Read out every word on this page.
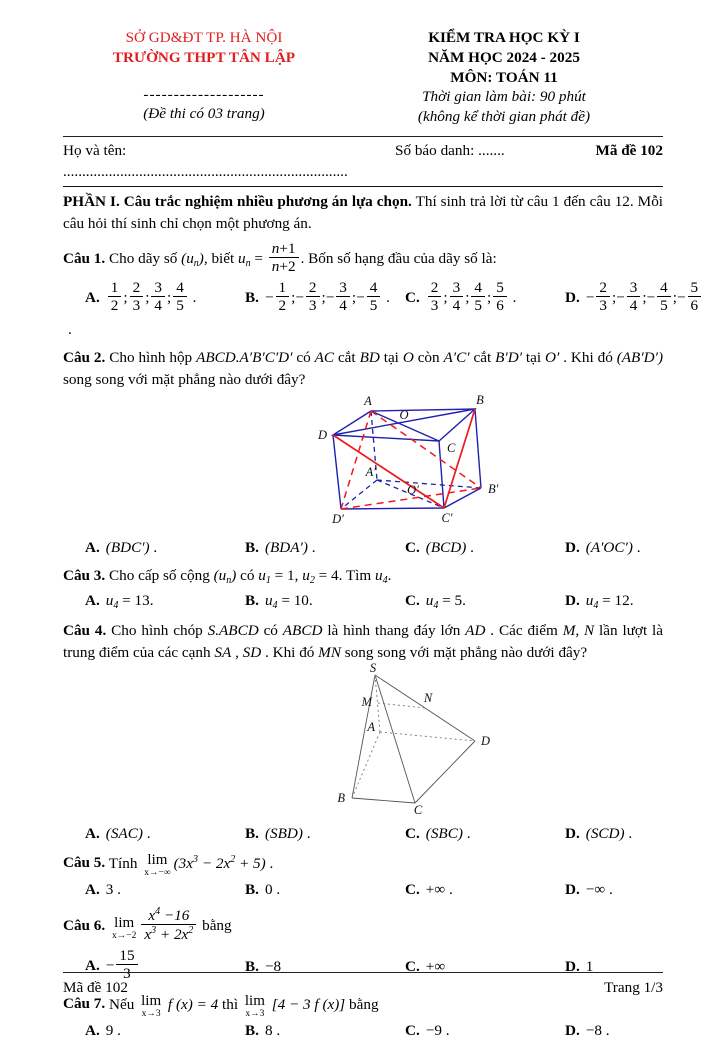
SỞ GD&ĐT TP. HÀ NỘI
TRƯỜNG THPT TÂN LẬP
--------------------
(Đề thi có 03 trang)
KIỂM TRA HỌC KỲ I
NĂM HỌC 2024 - 2025
MÔN: TOÁN 11
Thời gian làm bài: 90 phút
(không kể thời gian phát đề)
Họ và tên: ...........................................................................
Số báo danh: .......	Mã đề 102

PHẦN I. Câu trắc nghiệm nhiều phương án lựa chọn. Thí sinh trả lời từ câu 1 đến câu 12. Mỗi câu hỏi thí sinh chỉ chọn một phương án.

Câu 1. Cho dãy số (un), biết un = $\frac{n+1}{n+2}$ . Bốn số hạng đầu của dãy số là:

A. $\frac{1}{2}$ ; $\frac{2}{3}$ ; $\frac{3}{4}$ ; $\frac{4}{5}$ .	B. − $\frac{1}{2}$ ;− $\frac{2}{3}$ ;− $\frac{3}{4}$ ;− $\frac{4}{5}$ . C. $\frac{2}{3}$ ; $\frac{3}{4}$ ; $\frac{4}{5}$ ; $\frac{5}{6}$ .	D. − $\frac{2}{3}$ ;− $\frac{3}{4}$ ;− $\frac{4}{5}$ ;− $\frac{5}{6}$

.

Câu 2. Cho hình hộp ABCD.A′B′C′D′ có AC cắt BD tại O còn A′C′ cắt B′D′ tại O′ . Khi đó (AB′D′) song song với mặt phẳng nào dưới đây?

A	B
O
C
D
A′
O′	B′
C′
D′
A. (BDC′) .	B. (BDA′) .	C. (BCD) .	D. (A′OC′) .

Câu 3. Cho cấp số cộng (un) có u1 = 1, u2 = 4. Tìm u4.

A. u4 = 13.	B. u4 = 10.	C. u4 = 5.	D. u4 = 12.

Câu 4. Cho hình chóp S.ABCD có ABCD là hình thang đáy lớn AD . Các điểm M, N lần lượt là trung điểm của các cạnh SA , SD . Khi đó MN song song với mặt phẳng nào dưới đây?

S
M	N
A
D
B
C
A. (SAC) .	B. (SBD) .	C. (SBC) .	D. (SCD) .

Câu 5. Tính lim
x→−∞
$(3x^3 - 2x^2 + 5)$ .

A. 3 .	B. 0 .	C. +∞ .	D. −∞ .

Câu 6. lim
$x\to-2 \frac{x^4 -16}{x^3 + 2x^2}$ bằng

A. − $\frac{15}{3}$	B. −8	C. +∞	D. 1

Câu 7. Nếu lim
x→3
f (x) = 4 thì lim
x→3
[4 − 3 f (x)] bằng

A. 9 .	B. 8 .	C. −9 .	D. −8 .
Mã đề 102	Trang 1/3
